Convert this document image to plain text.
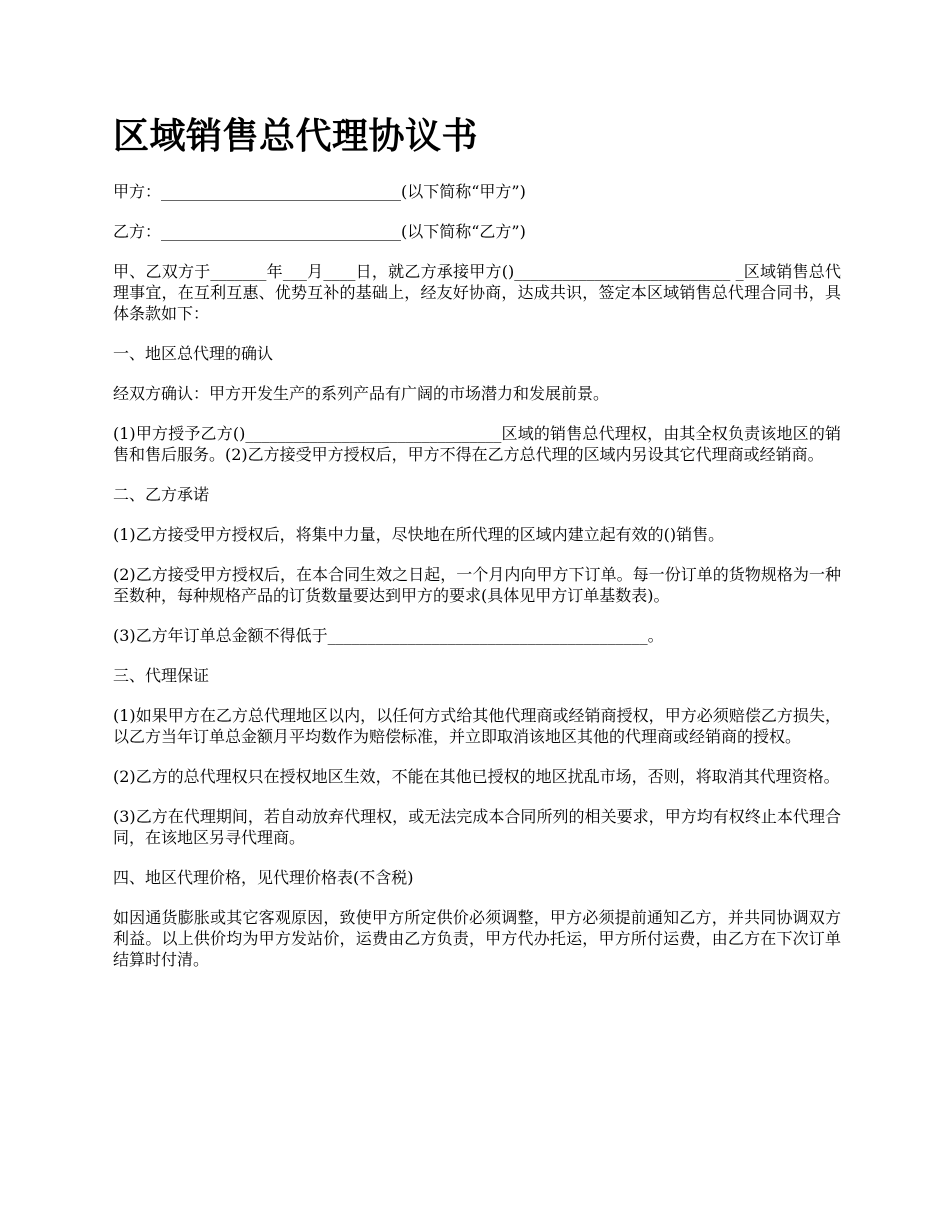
区域销售总代理协议书

甲方：______________________________(以下简称“甲方”)

乙方：______________________________(以下简称“乙方”)

甲、乙双方于_______年___月____日，就乙方承接甲方()___________________________ _区域销售总代理事宜，在互利互惠、优势互补的基础上，经友好协商，达成共识，签定本区域销售总代理合同书，具体条款如下：

一、地区总代理的确认

经双方确认：甲方开发生产的系列产品有广阔的市场潜力和发展前景。

(1)甲方授予乙方()________________________________区域的销售总代理权，由其全权负责该地区的销售和售后服务。(2)乙方接受甲方授权后，甲方不得在乙方总代理的区域内另设其它代理商或经销商。

二、乙方承诺

(1)乙方接受甲方授权后，将集中力量，尽快地在所代理的区域内建立起有效的()销售。

(2)乙方接受甲方授权后，在本合同生效之日起，一个月内向甲方下订单。每一份订单的货物规格为一种至数种，每种规格产品的订货数量要达到甲方的要求(具体见甲方订单基数表)。

(3)乙方年订单总金额不得低于________________________________________。

三、代理保证

(1)如果甲方在乙方总代理地区以内，以任何方式给其他代理商或经销商授权，甲方必须赔偿乙方损失，以乙方当年订单总金额月平均数作为赔偿标准，并立即取消该地区其他的代理商或经销商的授权。

(2)乙方的总代理权只在授权地区生效，不能在其他已授权的地区扰乱市场，否则，将取消其代理资格。

(3)乙方在代理期间，若自动放弃代理权，或无法完成本合同所列的相关要求，甲方均有权终止本代理合同，在该地区另寻代理商。

四、地区代理价格，见代理价格表(不含税)

如因通货膨胀或其它客观原因，致使甲方所定供价必须调整，甲方必须提前通知乙方，并共同协调双方利益。以上供价均为甲方发站价，运费由乙方负责，甲方代办托运，甲方所付运费，由乙方在下次订单结算时付清。
